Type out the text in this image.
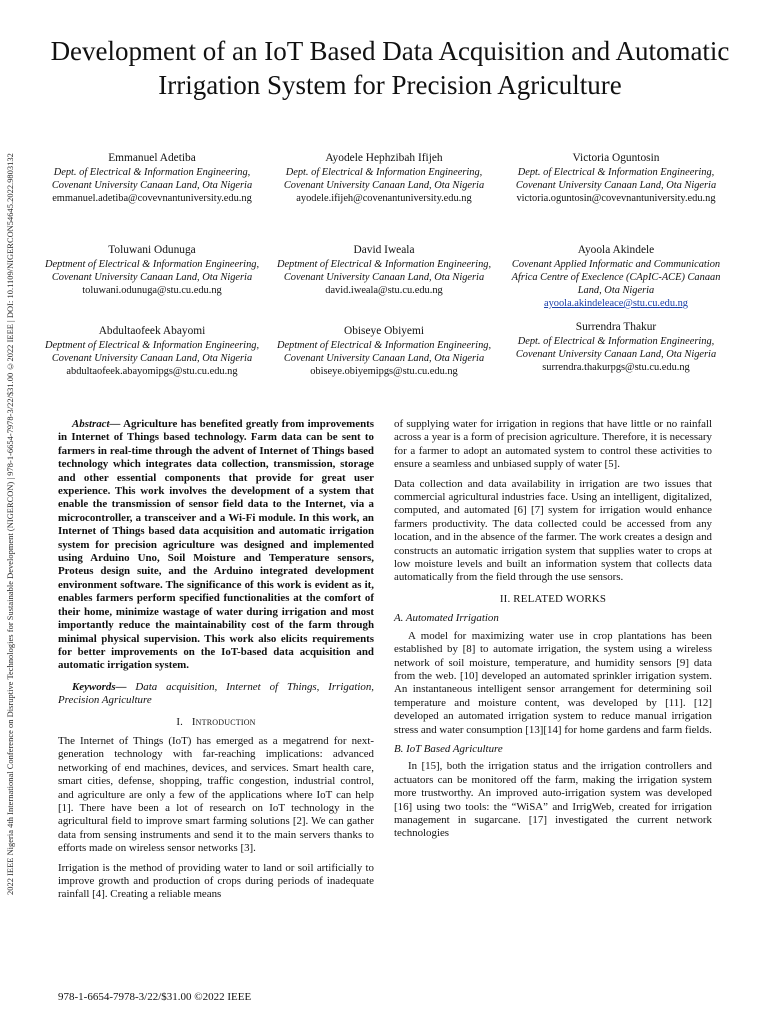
2022 IEEE Nigeria 4th International Conference on Disruptive Technologies for Sustainable Development (NIGERCON) | 978-1-6654-7978-3/22/$31.00 ©2022 IEEE | DOI: 10.1109/NIGERCON54645.2022.9803132
Development of an IoT Based Data Acquisition and Automatic Irrigation System for Precision Agriculture
Emmanuel Adetiba
Dept. of Electrical & Information Engineering, Covenant University Canaan Land, Ota Nigeria
emmanuel.adetiba@covevnantuniversity.edu.ng
Ayodele Hephzibah Ifijeh
Dept. of Electrical & Information Engineering, Covenant University Canaan Land, Ota Nigeria
ayodele.ifijeh@covenantuniversity.edu.ng
Victoria Oguntosin
Dept. of Electrical & Information Engineering, Covenant University Canaan Land, Ota Nigeria
victoria.oguntosin@covevnantuniversity.edu.ng
Toluwani Odunuga
Deptment of Electrical & Information Engineering, Covenant University Canaan Land, Ota Nigeria
toluwani.odunuga@stu.cu.edu.ng
David Iweala
Deptment of Electrical & Information Engineering, Covenant University Canaan Land, Ota Nigeria
david.iweala@stu.cu.edu.ng
Ayoola Akindele
Covenant Applied Informatic and Communication Africa Centre of Execlence (CApIC-ACE) Canaan Land, Ota Nigeria
ayoola.akindeleace@stu.cu.edu.ng
Abdultaofeek Abayomi
Deptment of Electrical & Information Engineering, Covenant University Canaan Land, Ota Nigeria
abdultaofeek.abayomipgs@stu.cu.edu.ng
Obiseye Obiyemi
Deptment of Electrical & Information Engineering, Covenant University Canaan Land, Ota Nigeria
obiseye.obiyemipgs@stu.cu.edu.ng
Surrendra Thakur
Dept. of Electrical & Information Engineering, Covenant University Canaan Land, Ota Nigeria
surrendra.thakurpgs@stu.cu.edu.ng

Abstract— Agriculture has benefited greatly from improvements in Internet of Things based technology. Farm data can be sent to farmers in real-time through the advent of Internet of Things based technology which integrates data collection, transmission, storage and other essential components that provide for great user experience. This work involves the development of a system that enable the transmission of sensor field data to the Internet, via a microcontroller, a transceiver and a Wi-Fi module. In this work, an Internet of Things based data acquisition and automatic irrigation system for precision agriculture was designed and implemented using Arduino Uno, Soil Moisture and Temperature sensors, Proteus design suite, and the Arduino integrated development environment software. The significance of this work is evident as it, enables farmers perform specified functionalities at the comfort of their home, minimize wastage of water during irrigation and most importantly reduce the maintainability cost of the farm through minimal physical supervision. This work also elicits requirements for better improvements on the IoT-based data acquisition and automatic irrigation system.

Keywords— Data acquisition, Internet of Things, Irrigation, Precision Agriculture

I. Introduction

The Internet of Things (IoT) has emerged as a megatrend for next-generation technology with far-reaching implications: advanced networking of end machines, devices, and services. Smart health care, smart cities, defense, shopping, traffic congestion, industrial control, and agriculture are only a few of the applications where IoT can help [1]. There have been a lot of research on IoT technology in the agricultural field to improve smart farming solutions [2]. We can gather data from sensing instruments and send it to the main servers thanks to efforts made on wireless sensor networks [3].

Irrigation is the method of providing water to land or soil artificially to improve growth and production of crops during periods of inadequate rainfall [4]. Creating a reliable means

of supplying water for irrigation in regions that have little or no rainfall across a year is a form of precision agriculture. Therefore, it is necessary for a farmer to adopt an automated system to control these activities to ensure a seamless and unbiased supply of water [5].

Data collection and data availability in irrigation are two issues that commercial agricultural industries face. Using an intelligent, digitalized, computed, and automated [6] [7] system for irrigation would enhance farmers productivity. The data collected could be accessed from any location, and in the absence of the farmer. The work creates a design and constructs an automatic irrigation system that supplies water to crops at low moisture levels and built an information system that collects data automatically from the field through the use sensors.

II. RELATED WORKS

A. Automated Irrigation

A model for maximizing water use in crop plantations has been established by [8] to automate irrigation, the system using a wireless network of soil moisture, temperature, and humidity sensors [9] data from the web. [10] developed an automated sprinkler irrigation system. An instantaneous intelligent sensor arrangement for determining soil temperature and moisture content, was developed by [11]. [12] developed an automated irrigation system to reduce manual irrigation stress and water consumption [13][14] for home gardens and farm fields.

B. IoT Based Agriculture

In [15], both the irrigation status and the irrigation controllers and actuators can be monitored off the farm, making the irrigation system more trustworthy. An improved auto-irrigation system was developed [16] using two tools: the “WiSA” and IrrigWeb, created for irrigation management in sugarcane. [17] investigated the current network technologies

978-1-6654-7978-3/22/$31.00 ©2022 IEEE
